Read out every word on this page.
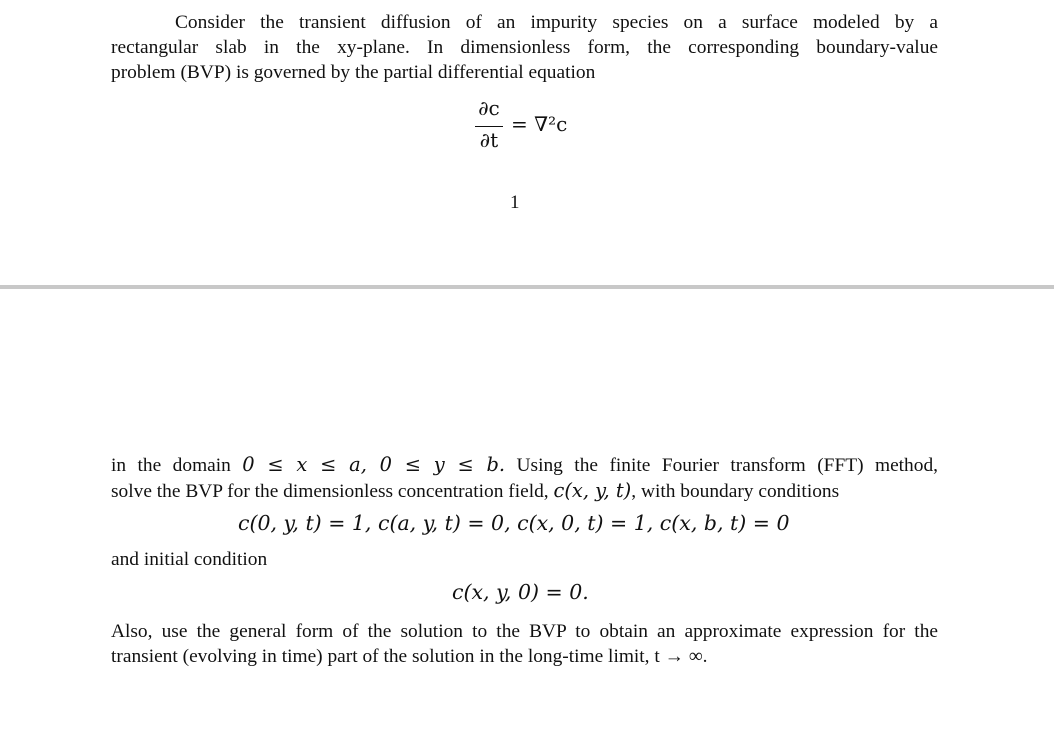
Consider the transient diffusion of an impurity species on a surface modeled by a
rectangular slab in the xy-plane. In dimensionless form, the corresponding boundary-value
problem (BVP) is governed by the partial differential equation
∂c
∂t
= ∇²c
1
in the domain 0 ≤ x ≤ a, 0 ≤ y ≤ b. Using the finite Fourier transform (FFT) method,
solve the BVP for the dimensionless concentration field, c(x, y, t), with boundary conditions
c(0, y, t) = 1, c(a, y, t) = 0, c(x, 0, t) = 1, c(x, b, t) = 0
and initial condition
c(x, y, 0) = 0.
Also, use the general form of the solution to the BVP to obtain an approximate expression for the
transient (evolving in time) part of the solution in the long-time limit, t → ∞.
